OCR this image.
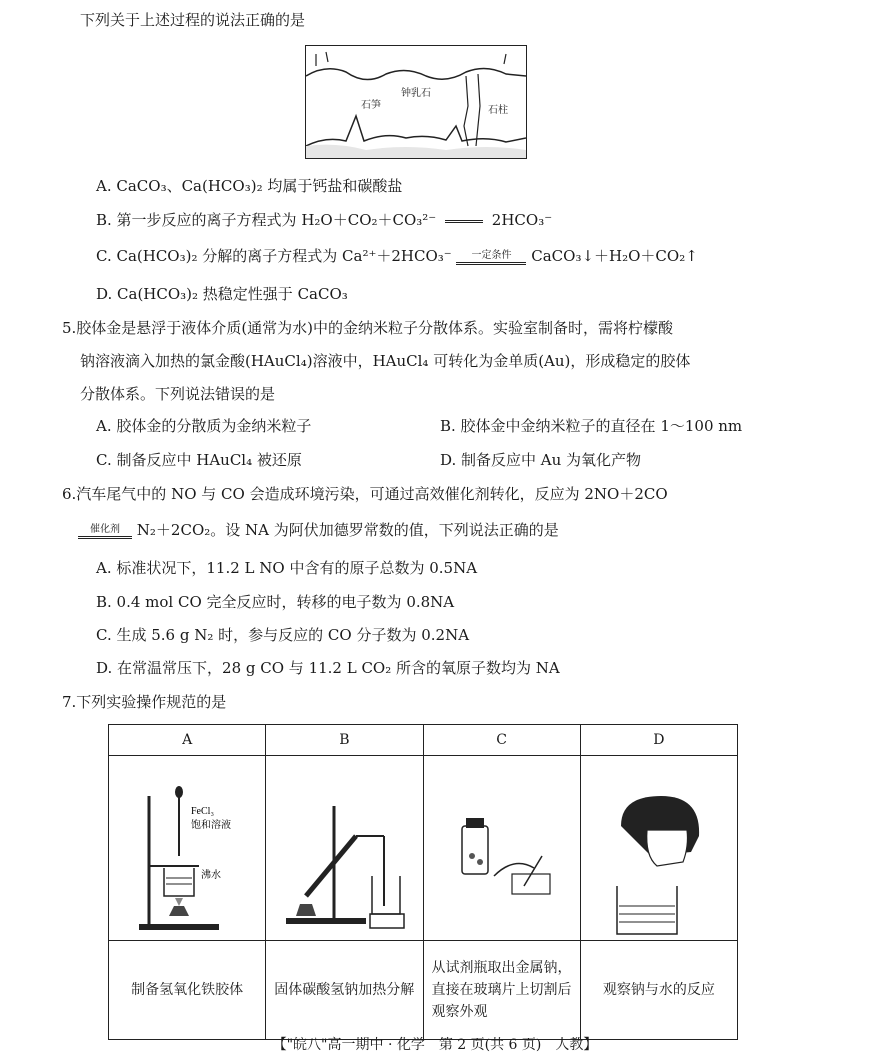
下列关于上述过程的说法正确的是
石笋
钟乳石
石柱
A. CaCO₃、Ca(HCO₃)₂ 均属于钙盐和碳酸盐
B. 第一步反应的离子方程式为 H₂O＋CO₂＋CO₃²⁻	2HCO₃⁻
C. Ca(HCO₃)₂ 分解的离子方程式为 Ca²⁺＋2HCO₃⁻	一定条件	CaCO₃↓＋H₂O＋CO₂↑
D. Ca(HCO₃)₂ 热稳定性强于 CaCO₃
5.胶体金是悬浮于液体介质(通常为水)中的金纳米粒子分散体系。实验室制备时，需将柠檬酸
钠溶液滴入加热的氯金酸(HAuCl₄)溶液中，HAuCl₄ 可转化为金单质(Au)，形成稳定的胶体
分散体系。下列说法错误的是
A. 胶体金的分散质为金纳米粒子	B. 胶体金中金纳米粒子的直径在 1～100 nm
C. 制备反应中 HAuCl₄ 被还原	D. 制备反应中 Au 为氧化产物
6.汽车尾气中的 NO 与 CO 会造成环境污染，可通过高效催化剂转化，反应为 2NO＋2CO
催化剂	N₂＋2CO₂。设 NA 为阿伏加德罗常数的值，下列说法正确的是
A. 标准状况下，11.2 L NO 中含有的原子总数为 0.5NA
B. 0.4 mol CO 完全反应时，转移的电子数为 0.8NA
C. 生成 5.6 g N₂ 时，参与反应的 CO 分子数为 0.2NA
D. 在常温常压下，28 g CO 与 11.2 L CO₂ 所含的氧原子数均为 NA
7.下列实验操作规范的是
A	B	C	D

FeCl₃
饱和溶液
沸水

制备氢氧化铁胶体	固体碳酸氢钠加热分解	从试剂瓶取出金属钠，直接在玻璃片上切割后观察外观	观察钠与水的反应
【"皖八"高一期中 · 化学　第 2 页(共 6 页)　人教】
